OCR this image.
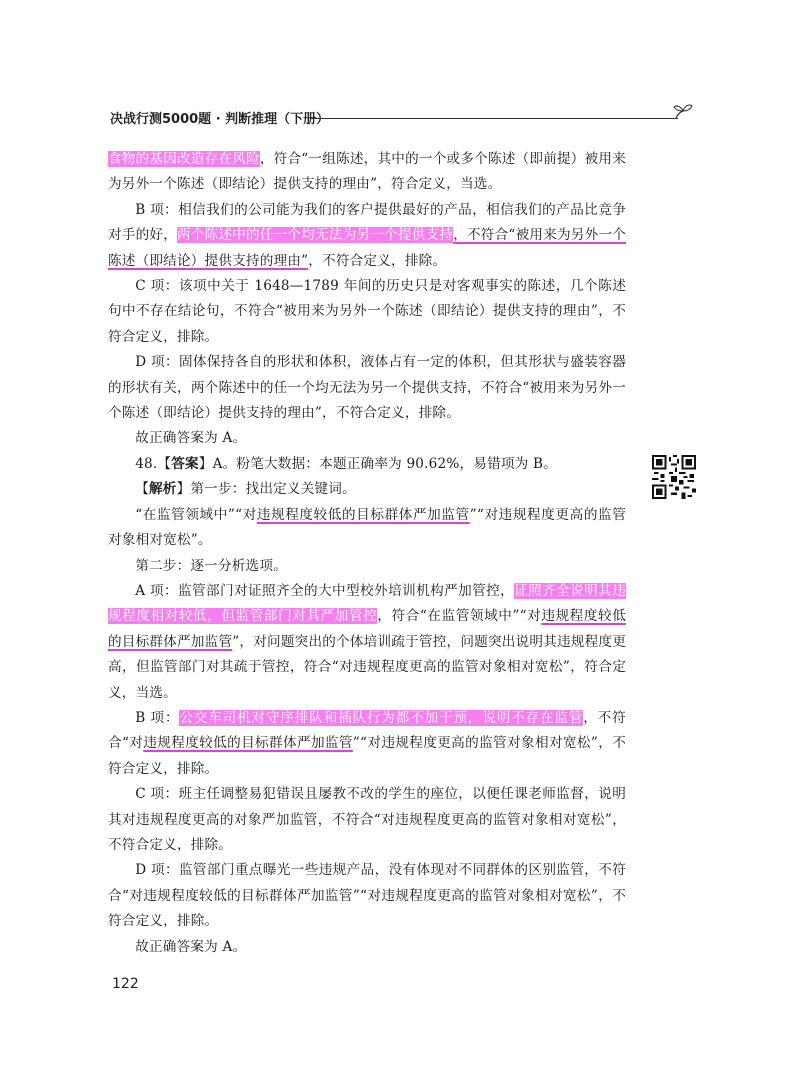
决战行测5000题 · 判断推理（下册）

食物的基因改造存在风险，符合“一组陈述，其中的一个或多个陈述（即前提）被用来为另外一个陈述（即结论）提供支持的理由”，符合定义，当选。

B 项：相信我们的公司能为我们的客户提供最好的产品，相信我们的产品比竞争对手的好，两个陈述中的任一个均无法为另一个提供支持，不符合“被用来为另外一个陈述（即结论）提供支持的理由”，不符合定义，排除。

C 项：该项中关于 1648—1789 年间的历史只是对客观事实的陈述，几个陈述句中不存在结论句，不符合“被用来为另外一个陈述（即结论）提供支持的理由”，不符合定义，排除。

D 项：固体保持各自的形状和体积，液体占有一定的体积，但其形状与盛装容器的形状有关，两个陈述中的任一个均无法为另一个提供支持，不符合“被用来为另外一个陈述（即结论）提供支持的理由”，不符合定义，排除。

故正确答案为 A。

48.【答案】A。粉笔大数据：本题正确率为 90.62%，易错项为 B。

【解析】第一步：找出定义关键词。

“在监管领域中”“对违规程度较低的目标群体严加监管”“对违规程度更高的监管对象相对宽松”。

第二步：逐一分析选项。

A 项：监管部门对证照齐全的大中型校外培训机构严加管控，证照齐全说明其违规程度相对较低，但监管部门对其严加管控，符合“在监管领域中”“对违规程度较低的目标群体严加监管”，对问题突出的个体培训疏于管控，问题突出说明其违规程度更高，但监管部门对其疏于管控，符合“对违规程度更高的监管对象相对宽松”，符合定义，当选。

B 项：公交车司机对守序排队和插队行为都不加干预，说明不存在监管，不符合“对违规程度较低的目标群体严加监管”“对违规程度更高的监管对象相对宽松”，不符合定义，排除。

C 项：班主任调整易犯错误且屡教不改的学生的座位，以便任课老师监督，说明其对违规程度更高的对象严加监管，不符合“对违规程度更高的监管对象相对宽松”，不符合定义，排除。

D 项：监管部门重点曝光一些违规产品，没有体现对不同群体的区别监管，不符合“对违规程度较低的目标群体严加监管”“对违规程度更高的监管对象相对宽松”，不符合定义，排除。

故正确答案为 A。

122
